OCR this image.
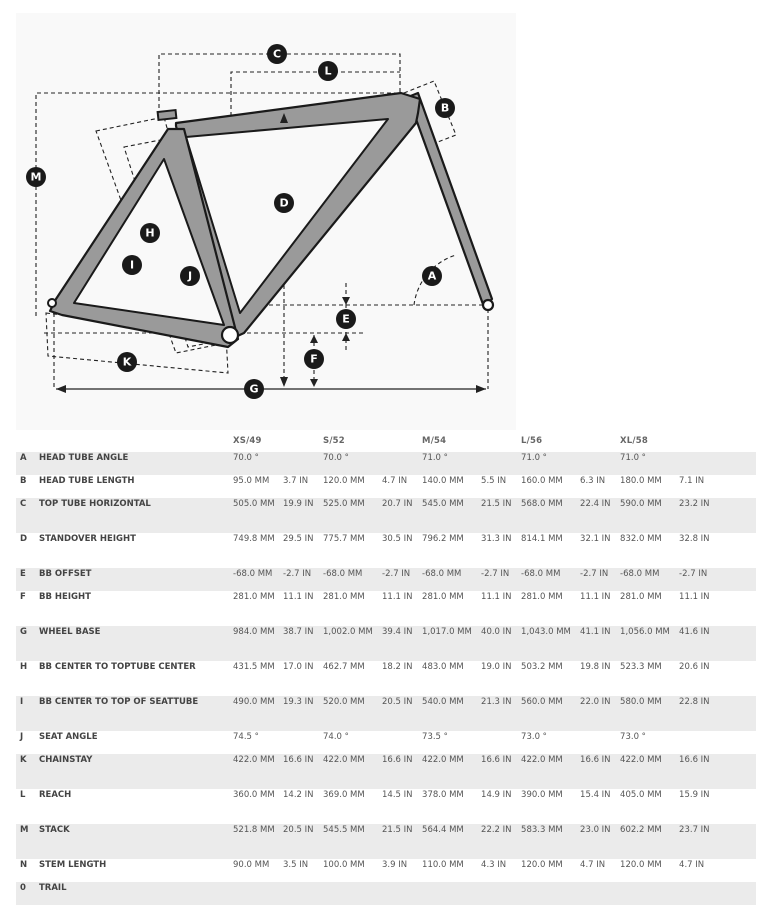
A
B
C
D
E
F
G
H
I
J
K
L
M
		XS/49		S/52		M/54		L/56		XL/58	
A	HEAD TUBE ANGLE	70.0 °		70.0 °		71.0 °		71.0 °		71.0 °	
B	HEAD TUBE LENGTH	95.0 MM	3.7 IN	120.0 MM	4.7 IN	140.0 MM	5.5 IN	160.0 MM	6.3 IN	180.0 MM	7.1 IN
C	TOP TUBE HORIZONTAL	505.0 MM	19.9 IN	525.0 MM	20.7 IN	545.0 MM	21.5 IN	568.0 MM	22.4 IN	590.0 MM	23.2 IN
D	STANDOVER HEIGHT	749.8 MM	29.5 IN	775.7 MM	30.5 IN	796.2 MM	31.3 IN	814.1 MM	32.1 IN	832.0 MM	32.8 IN
E	BB OFFSET	-68.0 MM	-2.7 IN	-68.0 MM	-2.7 IN	-68.0 MM	-2.7 IN	-68.0 MM	-2.7 IN	-68.0 MM	-2.7 IN
F	BB HEIGHT	281.0 MM	11.1 IN	281.0 MM	11.1 IN	281.0 MM	11.1 IN	281.0 MM	11.1 IN	281.0 MM	11.1 IN
G	WHEEL BASE	984.0 MM	38.7 IN	1,002.0 MM	39.4 IN	1,017.0 MM	40.0 IN	1,043.0 MM	41.1 IN	1,056.0 MM	41.6 IN
H	BB CENTER TO TOPTUBE CENTER	431.5 MM	17.0 IN	462.7 MM	18.2 IN	483.0 MM	19.0 IN	503.2 MM	19.8 IN	523.3 MM	20.6 IN
I	BB CENTER TO TOP OF SEATTUBE	490.0 MM	19.3 IN	520.0 MM	20.5 IN	540.0 MM	21.3 IN	560.0 MM	22.0 IN	580.0 MM	22.8 IN
J	SEAT ANGLE	74.5 °		74.0 °		73.5 °		73.0 °		73.0 °	
K	CHAINSTAY	422.0 MM	16.6 IN	422.0 MM	16.6 IN	422.0 MM	16.6 IN	422.0 MM	16.6 IN	422.0 MM	16.6 IN
L	REACH	360.0 MM	14.2 IN	369.0 MM	14.5 IN	378.0 MM	14.9 IN	390.0 MM	15.4 IN	405.0 MM	15.9 IN
M	STACK	521.8 MM	20.5 IN	545.5 MM	21.5 IN	564.4 MM	22.2 IN	583.3 MM	23.0 IN	602.2 MM	23.7 IN
N	STEM LENGTH	90.0 MM	3.5 IN	100.0 MM	3.9 IN	110.0 MM	4.3 IN	120.0 MM	4.7 IN	120.0 MM	4.7 IN
0	TRAIL										
